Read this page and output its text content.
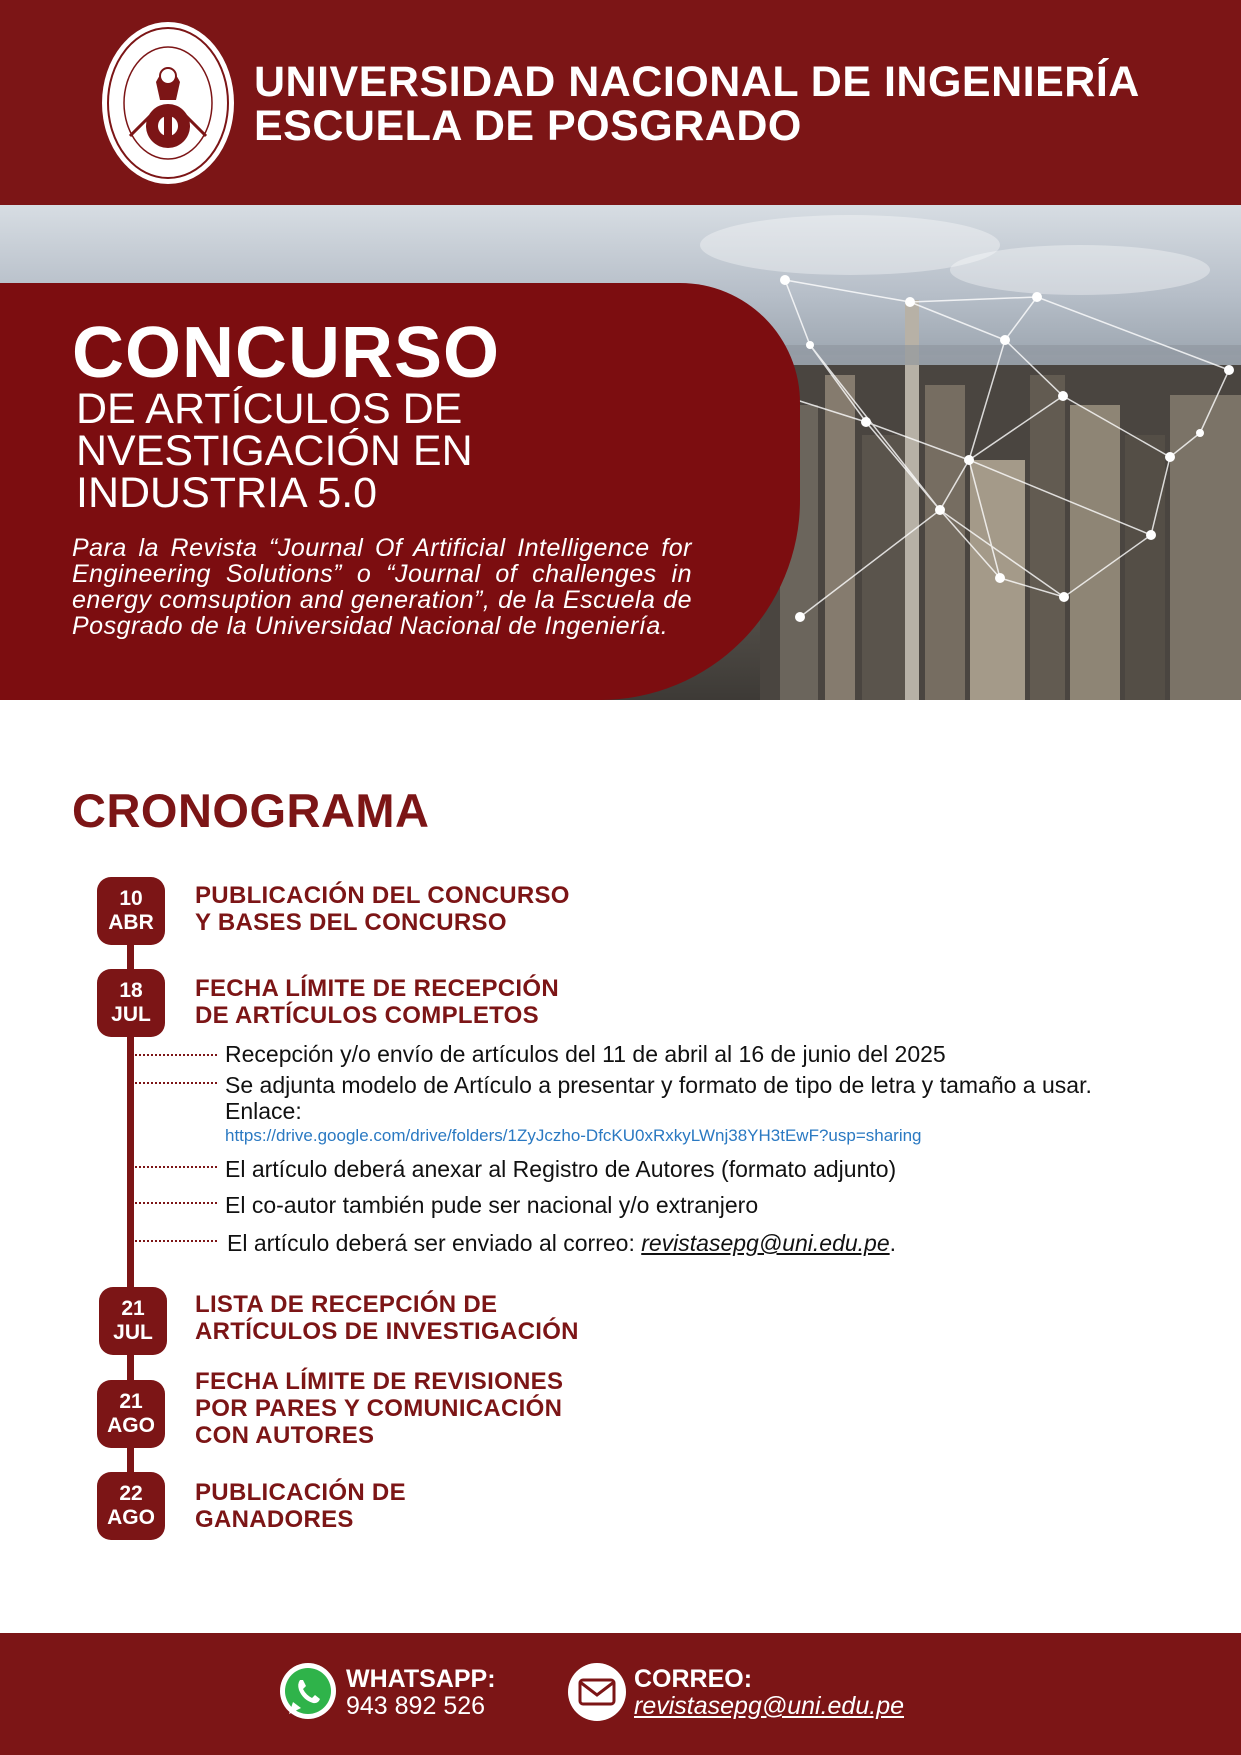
UNIVERSIDAD NACIONAL DE INGENIERÍA
ESCUELA DE POSGRADO
CONCURSO
DE ARTÍCULOS DE
NVESTIGACIÓN EN
INDUSTRIA 5.0
Para la Revista “Journal Of Artificial Intelligence for Engineering Solutions” o “Journal of challenges in energy comsuption and generation”, de la Escuela de Posgrado de la Universidad Nacional de Ingeniería.
CRONOGRAMA
10
ABR
PUBLICACIÓN DEL CONCURSO
Y BASES DEL CONCURSO
18
JUL
FECHA LÍMITE DE RECEPCIÓN
DE ARTÍCULOS COMPLETOS
Recepción y/o envío de artículos del 11 de abril al 16 de junio del 2025
Se adjunta modelo de Artículo a presentar y formato de tipo de letra y tamaño a usar. Enlace:
https://drive.google.com/drive/folders/1ZyJczho-DfcKU0xRxkyLWnj38YH3tEwF?usp=sharing
El artículo deberá anexar al Registro de Autores (formato adjunto)
El co-autor también pude ser nacional y/o extranjero
El artículo deberá ser enviado al correo: revistasepg@uni.edu.pe.
21
JUL
LISTA DE RECEPCIÓN DE
ARTÍCULOS DE INVESTIGACIÓN
21
AGO
FECHA LÍMITE DE REVISIONES
POR PARES Y COMUNICACIÓN
CON AUTORES
22
AGO
PUBLICACIÓN DE
GANADORES
WHATSAPP:
943 892 526
CORREO:
revistasepg@uni.edu.pe
